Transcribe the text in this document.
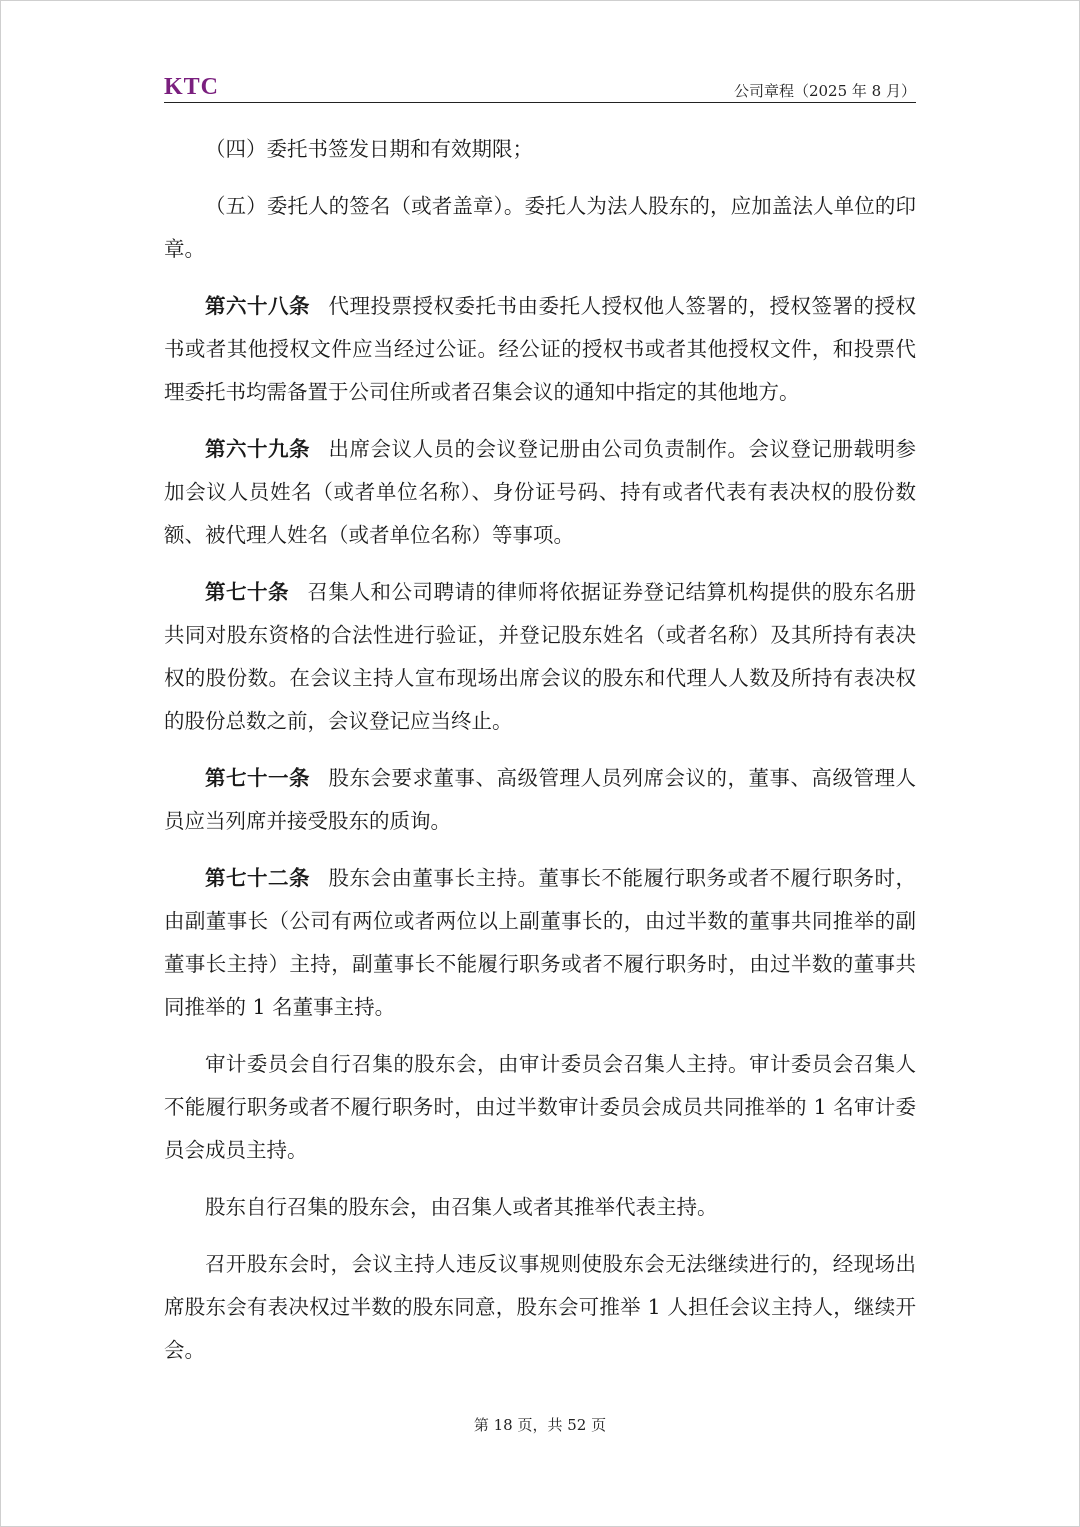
KTC	公司章程（2025 年 8 月）

（四）委托书签发日期和有效期限；

（五）委托人的签名（或者盖章）。委托人为法人股东的，应加盖法人单位的印章。

第六十八条 代理投票授权委托书由委托人授权他人签署的，授权签署的授权书或者其他授权文件应当经过公证。经公证的授权书或者其他授权文件，和投票代理委托书均需备置于公司住所或者召集会议的通知中指定的其他地方。

第六十九条 出席会议人员的会议登记册由公司负责制作。会议登记册载明参加会议人员姓名（或者单位名称）、身份证号码、持有或者代表有表决权的股份数额、被代理人姓名（或者单位名称）等事项。

第七十条 召集人和公司聘请的律师将依据证券登记结算机构提供的股东名册共同对股东资格的合法性进行验证，并登记股东姓名（或者名称）及其所持有表决权的股份数。在会议主持人宣布现场出席会议的股东和代理人人数及所持有表决权的股份总数之前，会议登记应当终止。

第七十一条 股东会要求董事、高级管理人员列席会议的，董事、高级管理人员应当列席并接受股东的质询。

第七十二条 股东会由董事长主持。董事长不能履行职务或者不履行职务时，由副董事长（公司有两位或者两位以上副董事长的，由过半数的董事共同推举的副董事长主持）主持，副董事长不能履行职务或者不履行职务时，由过半数的董事共同推举的 1 名董事主持。

审计委员会自行召集的股东会，由审计委员会召集人主持。审计委员会召集人不能履行职务或者不履行职务时，由过半数审计委员会成员共同推举的 1 名审计委员会成员主持。

股东自行召集的股东会，由召集人或者其推举代表主持。

召开股东会时，会议主持人违反议事规则使股东会无法继续进行的，经现场出席股东会有表决权过半数的股东同意，股东会可推举 1 人担任会议主持人，继续开会。

第 18 页，共 52 页
